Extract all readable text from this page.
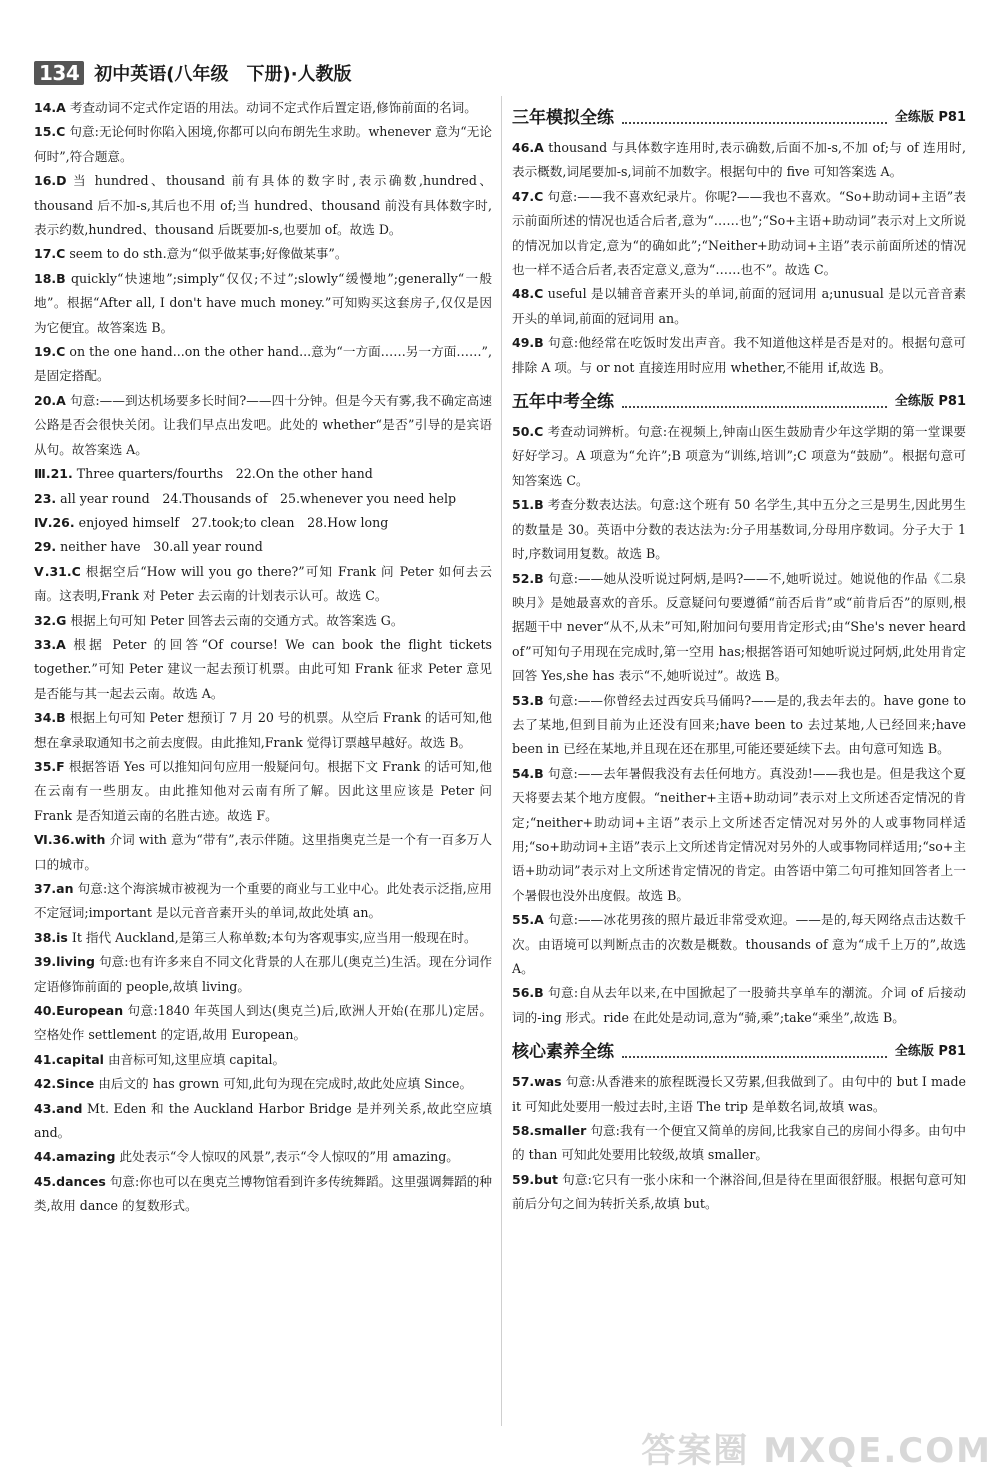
134 初中英语(八年级　下册)·人教版

14.A 考查动词不定式作定语的用法。动词不定式作后置定语,修饰前面的名词。

15.C 句意:无论何时你陷入困境,你都可以向布朗先生求助。whenever 意为“无论何时”,符合题意。

16.D 当 hundred、thousand 前有具体的数字时,表示确数,hundred、thousand 后不加-s,其后也不用 of;当 hundred、thousand 前没有具体数字时,表示约数,hundred、thousand 后既要加-s,也要加 of。故选 D。

17.C seem to do sth.意为“似乎做某事;好像做某事”。

18.B quickly“快速地”;simply“仅仅;不过”;slowly“缓慢地”;generally“一般地”。根据“After all, I don't have much money.”可知购买这套房子,仅仅是因为它便宜。故答案选 B。

19.C on the one hand...on the other hand...意为“一方面……另一方面……”,是固定搭配。

20.A 句意:——到达机场要多长时间?——四十分钟。但是今天有雾,我不确定高速公路是否会很快关闭。让我们早点出发吧。此处的 whether“是否”引导的是宾语从句。故答案选 A。

Ⅲ.21. Three quarters/fourths　22.On the other hand

23. all year round　24.Thousands of　25.whenever you need help

Ⅳ.26. enjoyed himself　27.took;to clean　28.How long

29. neither have　30.all year round

Ⅴ.31.C 根据空后“How will you go there?”可知 Frank 问 Peter 如何去云南。这表明,Frank 对 Peter 去云南的计划表示认可。故选 C。

32.G 根据上句可知 Peter 回答去云南的交通方式。故答案选 G。

33.A 根据 Peter 的回答“Of course! We can book the flight tickets together.”可知 Peter 建议一起去预订机票。由此可知 Frank 征求 Peter 意见是否能与其一起去云南。故选 A。

34.B 根据上句可知 Peter 想预订 7 月 20 号的机票。从空后 Frank 的话可知,他想在拿录取通知书之前去度假。由此推知,Frank 觉得订票越早越好。故选 B。

35.F 根据答语 Yes 可以推知问句应用一般疑问句。根据下文 Frank 的话可知,他在云南有一些朋友。由此推知他对云南有所了解。因此这里应该是 Peter 问 Frank 是否知道云南的名胜古迹。故选 F。

Ⅵ.36.with 介词 with 意为“带有”,表示伴随。这里指奥克兰是一个有一百多万人口的城市。

37.an 句意:这个海滨城市被视为一个重要的商业与工业中心。此处表示泛指,应用不定冠词;important 是以元音音素开头的单词,故此处填 an。

38.is It 指代 Auckland,是第三人称单数;本句为客观事实,应当用一般现在时。

39.living 句意:也有许多来自不同文化背景的人在那儿(奥克兰)生活。现在分词作定语修饰前面的 people,故填 living。

40.European 句意:1840 年英国人到达(奥克兰)后,欧洲人开始(在那儿)定居。空格处作 settlement 的定语,故用 European。

41.capital 由音标可知,这里应填 capital。

42.Since 由后文的 has grown 可知,此句为现在完成时,故此处应填 Since。

43.and Mt. Eden 和 the Auckland Harbor Bridge 是并列关系,故此空应填 and。

44.amazing 此处表示“令人惊叹的风景”,表示“令人惊叹的”用 amazing。

45.dances 句意:你也可以在奥克兰博物馆看到许多传统舞蹈。这里强调舞蹈的种类,故用 dance 的复数形式。

三年模拟全练	全练版 P81

46.A thousand 与具体数字连用时,表示确数,后面不加-s,不加 of;与 of 连用时,表示概数,词尾要加-s,词前不加数字。根据句中的 five 可知答案选 A。

47.C 句意:——我不喜欢纪录片。你呢?——我也不喜欢。“So+助动词+主语”表示前面所述的情况也适合后者,意为“……也”;“So+主语+助动词”表示对上文所说的情况加以肯定,意为“的确如此”;“Neither+助动词+主语”表示前面所述的情况也一样不适合后者,表否定意义,意为“……也不”。故选 C。

48.C useful 是以辅音音素开头的单词,前面的冠词用 a;unusual 是以元音音素开头的单词,前面的冠词用 an。

49.B 句意:他经常在吃饭时发出声音。我不知道他这样是否是对的。根据句意可排除 A 项。与 or not 直接连用时应用 whether,不能用 if,故选 B。

五年中考全练	全练版 P81

50.C 考查动词辨析。句意:在视频上,钟南山医生鼓励青少年这学期的第一堂课要好好学习。A 项意为“允许”;B 项意为“训练,培训”;C 项意为“鼓励”。根据句意可知答案选 C。

51.B 考查分数表达法。句意:这个班有 50 名学生,其中五分之三是男生,因此男生的数量是 30。英语中分数的表达法为:分子用基数词,分母用序数词。分子大于 1 时,序数词用复数。故选 B。

52.B 句意:——她从没听说过阿炳,是吗?——不,她听说过。她说他的作品《二泉映月》是她最喜欢的音乐。反意疑问句要遵循“前否后肯”或“前肯后否”的原则,根据题干中 never“从不,从未”可知,附加问句要用肯定形式;由“She's never heard of”可知句子用现在完成时,第一空用 has;根据答语可知她听说过阿炳,此处用肯定回答 Yes,she has 表示“不,她听说过”。故选 B。

53.B 句意:——你曾经去过西安兵马俑吗?——是的,我去年去的。have gone to 去了某地,但到目前为止还没有回来;have been to 去过某地,人已经回来;have been in 已经在某地,并且现在还在那里,可能还要延续下去。由句意可知选 B。

54.B 句意:——去年暑假我没有去任何地方。真没劲!——我也是。但是我这个夏天将要去某个地方度假。“neither+主语+助动词”表示对上文所述否定情况的肯定;“neither+助动词+主语”表示上文所述否定情况对另外的人或事物同样适用;“so+助动词+主语”表示上文所述肯定情况对另外的人或事物同样适用;“so+主语+助动词”表示对上文所述肯定情况的肯定。由答语中第二句可推知回答者上一个暑假也没外出度假。故选 B。

55.A 句意:——冰花男孩的照片最近非常受欢迎。——是的,每天网络点击达数千次。由语境可以判断点击的次数是概数。thousands of 意为“成千上万的”,故选 A。

56.B 句意:自从去年以来,在中国掀起了一股骑共享单车的潮流。介词 of 后接动词的-ing 形式。ride 在此处是动词,意为“骑,乘”;take“乘坐”,故选 B。

核心素养全练	全练版 P81

57.was 句意:从香港来的旅程既漫长又劳累,但我做到了。由句中的 but I made it 可知此处要用一般过去时,主语 The trip 是单数名词,故填 was。

58.smaller 句意:我有一个便宜又简单的房间,比我家自己的房间小得多。由句中的 than 可知此处要用比较级,故填 smaller。

59.but 句意:它只有一张小床和一个淋浴间,但是待在里面很舒服。根据句意可知前后分句之间为转折关系,故填 but。

答案圈 MXQE.COM
